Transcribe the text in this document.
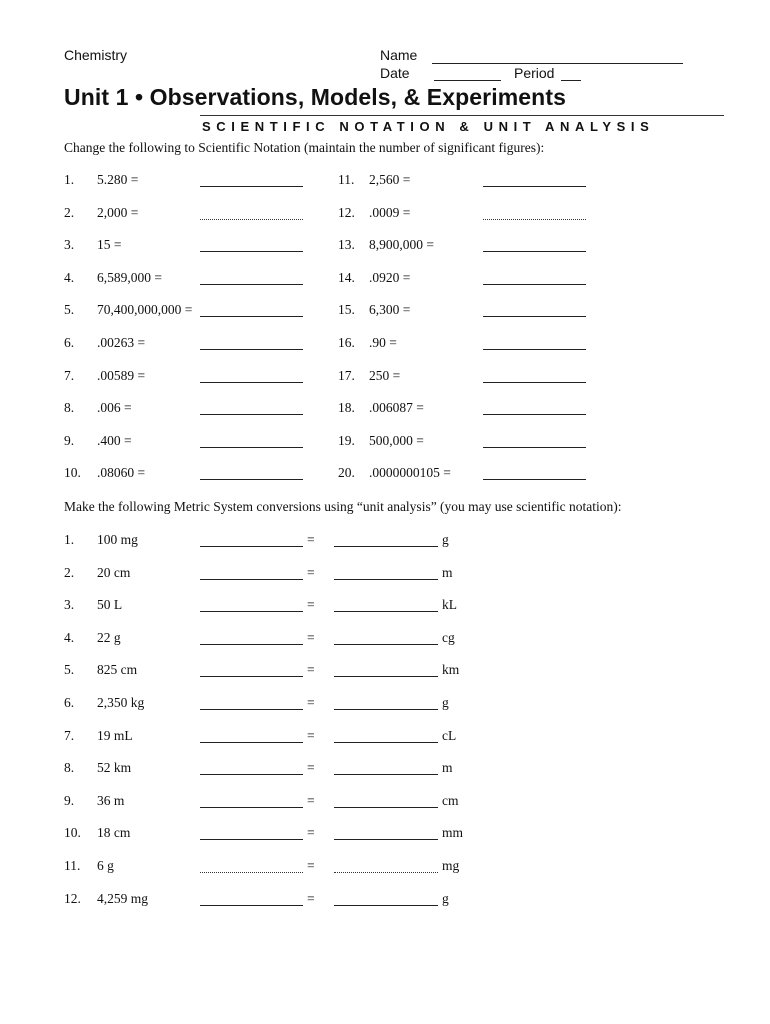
Chemistry	Name
Date	Period
Unit 1 • Observations, Models, & Experiments
SCIENTIFIC NOTATION & UNIT ANALYSIS
Change the following to Scientific Notation (maintain the number of significant figures):
1. 5.280 =
2. 2,000 =
3. 15 =
4. 6,589,000 =
5. 70,400,000,000 =
6. .00263 =
7. .00589 =
8. .006 =
9. .400 =
10. .08060 =
11. 2,560 =
12. .0009 =
13. 8,900,000 =
14. .0920 =
15. 6,300 =
16. .90 =
17. 250 =
18. .006087 =
19. 500,000 =
20. .0000000105 =
Make the following Metric System conversions using “unit analysis” (you may use scientific notation):
1. 100 mg	=	g
2. 20 cm	=	m
3. 50 L	=	kL
4. 22 g	=	cg
5. 825 cm	=	km
6. 2,350 kg	=	g
7. 19 mL	=	cL
8. 52 km	=	m
9. 36 m	=	cm
10. 18 cm	=	mm
11. 6 g	=	mg
12. 4,259 mg	=	g
